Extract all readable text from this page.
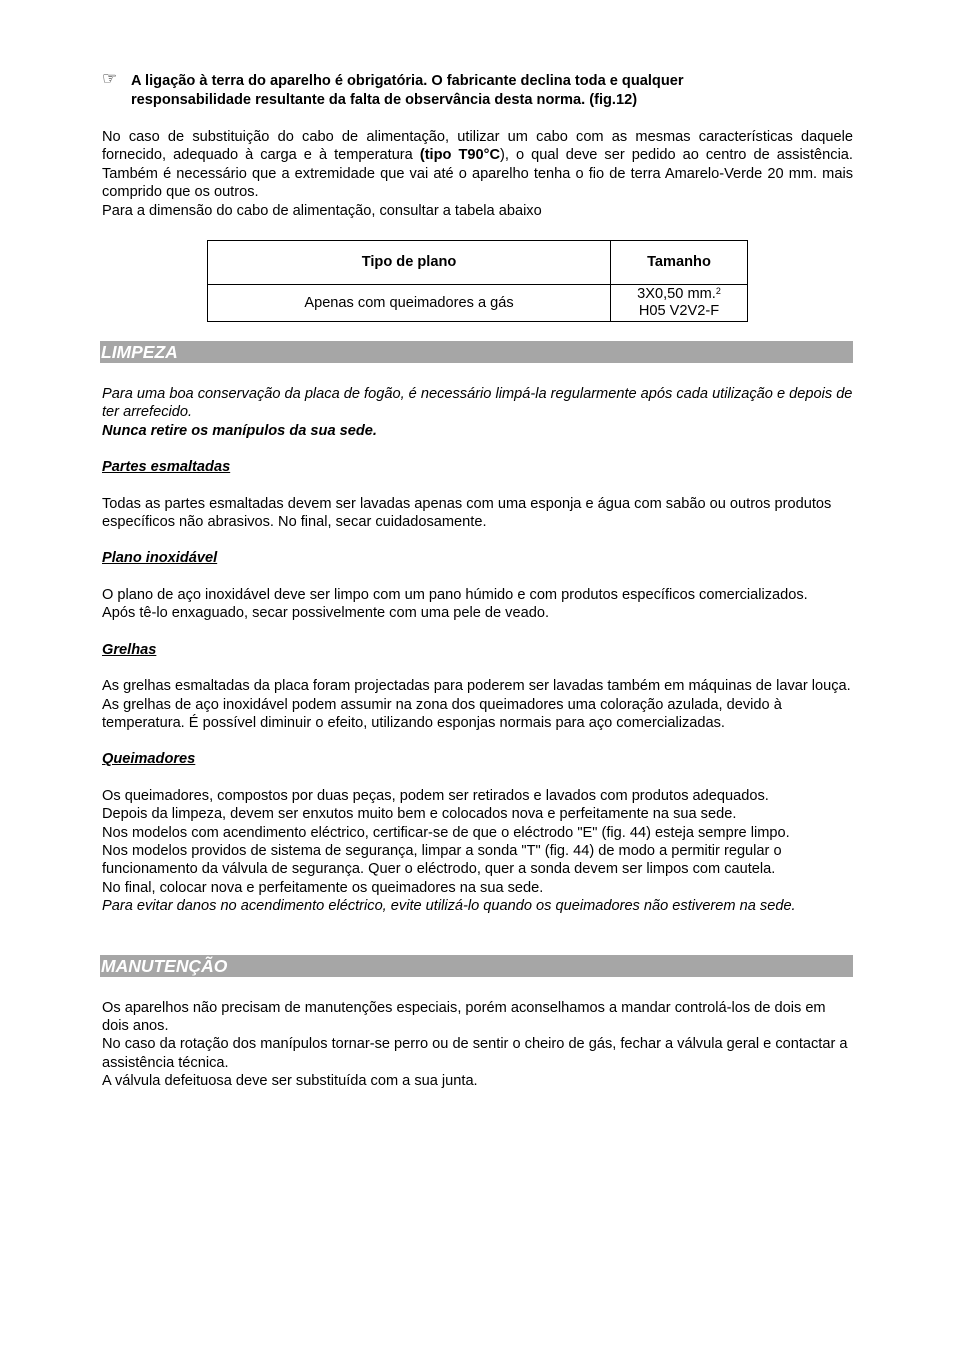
☞ A ligação à terra do aparelho é obrigatória. O fabricante declina toda e qualquer

responsabilidade resultante da falta de observância desta norma. (fig.12)

No caso de substituição do cabo de alimentação, utilizar um cabo com as mesmas características daquele fornecido, adequado à carga e à temperatura (tipo T90°C), o qual deve ser pedido ao centro de assistência. Também é necessário que a extremidade que vai até o aparelho tenha o fio de terra Amarelo-Verde 20 mm. mais comprido que os outros.

Para a dimensão do cabo de alimentação, consultar a tabela abaixo

Tipo de plano	Tamanho
Apenas com queimadores a gás	3X0,50 mm.$^2$
H05 V2V2-F
LIMPEZA

Para uma boa conservação da placa de fogão, é necessário limpá-la regularmente após cada utilização e depois de ter arrefecido.

Nunca retire os manípulos da sua sede.

Partes esmaltadas

Todas as partes esmaltadas devem ser lavadas apenas com uma esponja e água com sabão ou outros produtos específicos não abrasivos. No final, secar cuidadosamente.

Plano inoxidável

O plano de aço inoxidável deve ser limpo com um pano húmido e com produtos específicos comercializados.

Após tê-lo enxaguado, secar possivelmente com uma pele de veado.

Grelhas

As grelhas esmaltadas da placa foram projectadas para poderem ser lavadas também em máquinas de lavar louça.

As grelhas de aço inoxidável podem assumir na zona dos queimadores uma coloração azulada, devido à temperatura. É possível diminuir o efeito, utilizando esponjas normais para aço comercializadas.

Queimadores

Os queimadores, compostos por duas peças, podem ser retirados e lavados com produtos adequados.

Depois da limpeza, devem ser enxutos muito bem e colocados nova e perfeitamente na sua sede.

Nos modelos com acendimento eléctrico, certificar-se de que o eléctrodo "E" (fig. 44) esteja sempre limpo.

Nos modelos providos de sistema de segurança, limpar a sonda "T" (fig. 44) de modo a permitir regular o funcionamento da válvula de segurança. Quer o eléctrodo, quer a sonda devem ser limpos com cautela.

No final, colocar nova e perfeitamente os queimadores na sua sede.

Para evitar danos no acendimento eléctrico, evite utilizá-lo quando os queimadores não estiverem na sede.

MANUTENÇÃO

Os aparelhos não precisam de manutenções especiais, porém aconselhamos a mandar controlá-los de dois em dois anos.

No caso da rotação dos manípulos tornar-se perro ou de sentir o cheiro de gás, fechar a válvula geral e contactar a assistência técnica.

A válvula defeituosa deve ser substituída com a sua junta.
